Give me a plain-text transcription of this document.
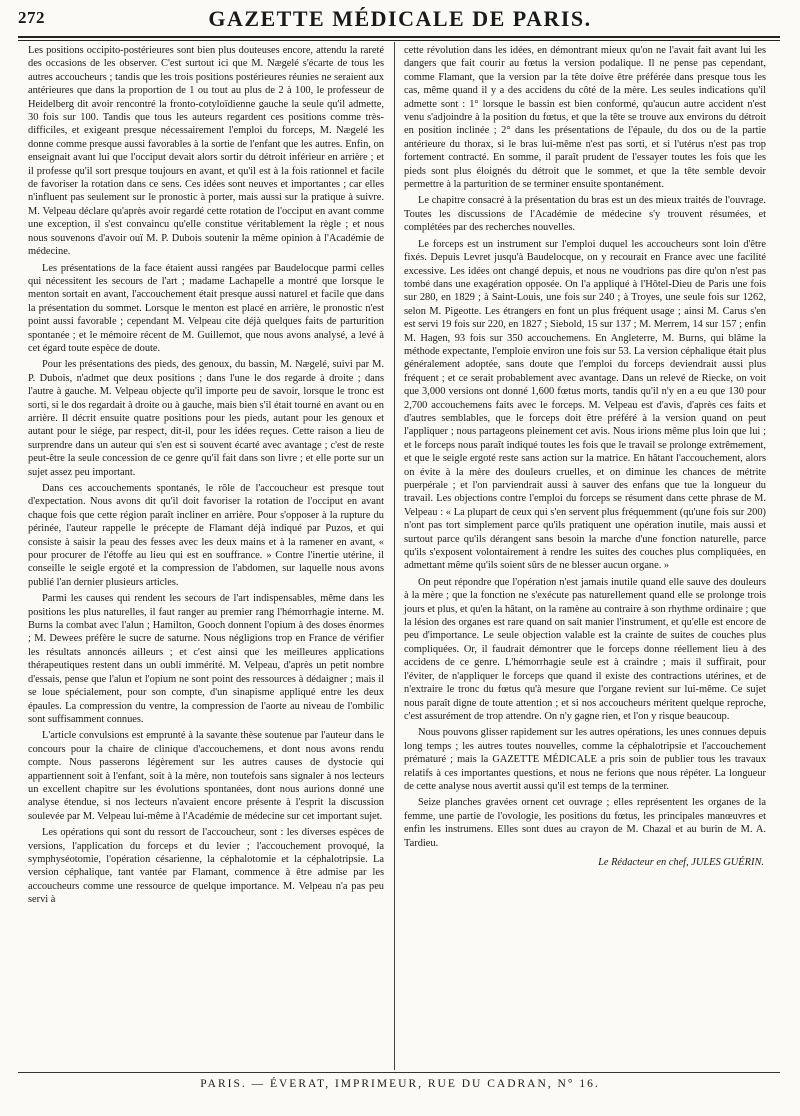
272	GAZETTE MÉDICALE DE PARIS.

Les positions occipito-postérieures sont bien plus douteuses encore, attendu la rareté des occasions de les observer. C'est surtout ici que M. Nægelé s'écarte de tous les autres accoucheurs ; tandis que les trois positions postérieures réunies ne seraient aux antérieures que dans la proportion de 1 ou tout au plus de 2 à 100, le professeur de Heidelberg dit avoir rencontré la fronto-cotyloïdienne gauche la seule qu'il admette, 30 fois sur 100. Tandis que tous les auteurs regardent ces positions comme très-difficiles, et exigeant presque nécessairement l'emploi du forceps, M. Nægelé les donne comme presque aussi favorables à la sortie de l'enfant que les autres. Enfin, on enseignait avant lui que l'occiput devait alors sortir du détroit inférieur en arrière ; et il professe qu'il sort presque toujours en avant, et qu'il est à la fois rationnel et facile de favoriser la rotation dans ce sens. Ces idées sont neuves et importantes ; car elles n'influent pas seulement sur le pronostic à porter, mais aussi sur la pratique à suivre. M. Velpeau déclare qu'après avoir regardé cette rotation de l'occiput en avant comme une exception, il s'est convaincu qu'elle constitue véritablement la règle ; et nous nous souvenons d'avoir ouï M. P. Dubois soutenir la même opinion à l'Académie de médecine.

Les présentations de la face étaient aussi rangées par Baudelocque parmi celles qui nécessitent les secours de l'art ; madame Lachapelle a montré que lorsque le menton sortait en avant, l'accouchement était presque aussi naturel et facile que dans la présentation du sommet. Lorsque le menton est placé en arrière, le pronostic n'est point aussi favorable ; cependant M. Velpeau cite déjà quelques faits de parturition spontanée ; et le mémoire récent de M. Guillemot, que nous avons analysé, a levé à cet égard toute espèce de doute.

Pour les présentations des pieds, des genoux, du bassin, M. Nægelé, suivi par M. P. Dubois, n'admet que deux positions ; dans l'une le dos regarde à droite ; dans l'autre à gauche. M. Velpeau objecte qu'il importe peu de savoir, lorsque le tronc est sorti, si le dos regardait à droite ou à gauche, mais bien s'il était tourné en avant ou en arrière. Il décrit ensuite quatre positions pour les pieds, autant pour les genoux et autant pour le siége, par respect, dit-il, pour les idées reçues. Cette raison a lieu de surprendre dans un auteur qui s'en est si souvent écarté avec avantage ; c'est de reste peut-être la seule concession de ce genre qu'il fait dans son livre ; et elle porte sur un sujet assez peu important.

Dans ces accouchements spontanés, le rôle de l'accoucheur est presque tout d'expectation. Nous avons dit qu'il doit favoriser la rotation de l'occiput en avant chaque fois que cette région paraît incliner en arrière. Pour s'opposer à la rupture du périnée, l'auteur rappelle le précepte de Flamant déjà indiqué par Puzos, et qui consiste à saisir la peau des fesses avec les deux mains et à la ramener en avant, « pour procurer de l'étoffe au lieu qui est en souffrance. » Contre l'inertie utérine, il conseille le seigle ergoté et la compression de l'abdomen, sur laquelle nous avons publié l'an dernier plusieurs articles.

Parmi les causes qui rendent les secours de l'art indispensables, même dans les positions les plus naturelles, il faut ranger au premier rang l'hémorrhagie interne. M. Burns la combat avec l'alun ; Hamilton, Gooch donnent l'opium à des doses énormes ; M. Dewees préfère le sucre de saturne. Nous négligions trop en France de vérifier les résultats annoncés ailleurs ; et c'est ainsi que les meilleures applications thérapeutiques restent dans un oubli immérité. M. Velpeau, d'après un petit nombre d'essais, pense que l'alun et l'opium ne sont point des ressources à dédaigner ; mais il se loue spécialement, pour son compte, d'un sinapisme appliqué entre les deux épaules. La compression du ventre, la compression de l'aorte au niveau de l'ombilic sont suffisamment connues.

L'article convulsions est emprunté à la savante thèse soutenue par l'auteur dans le concours pour la chaire de clinique d'accouchemens, et dont nous avons rendu compte. Nous passerons légèrement sur les autres causes de dystocie qui appartiennent soit à l'enfant, soit à la mère, non toutefois sans signaler à nos lecteurs un excellent chapitre sur les évolutions spontanées, dont nous aurions donné une analyse étendue, si nos lecteurs n'avaient encore présente à l'esprit la discussion soulevée par M. Velpeau lui-même à l'Académie de médecine sur cet important sujet.

Les opérations qui sont du ressort de l'accoucheur, sont : les diverses espèces de versions, l'application du forceps et du levier ; l'accouchement provoqué, la symphyséotomie, l'opération césarienne, la céphalotomie et la céphalotripsie. La version céphalique, tant vantée par Flamant, commence à être admise par les accoucheurs comme une ressource de quelque importance. M. Velpeau n'a pas peu servi à

cette révolution dans les idées, en démontrant mieux qu'on ne l'avait fait avant lui les dangers que fait courir au fœtus la version podalique. Il ne pense pas cependant, comme Flamant, que la version par la tête doive être préférée dans presque tous les cas, même quand il y a des accidens du côté de la mère. Les seules indications qu'il admette sont : 1° lorsque le bassin est bien conformé, qu'aucun autre accident n'est venu s'adjoindre à la position du fœtus, et que la tête se trouve aux environs du détroit en position inclinée ; 2° dans les présentations de l'épaule, du dos ou de la partie antérieure du thorax, si le bras lui-même n'est pas sorti, et si l'utérus n'est pas trop fortement contracté. En somme, il paraît prudent de l'essayer toutes les fois que les pieds sont plus éloignés du détroit que le sommet, et que la tête semble devoir permettre à la parturition de se terminer ensuite spontanément.

Le chapitre consacré à la présentation du bras est un des mieux traités de l'ouvrage. Toutes les discussions de l'Académie de médecine s'y trouvent résumées, et complétées par des recherches nouvelles.

Le forceps est un instrument sur l'emploi duquel les accoucheurs sont loin d'être fixés. Depuis Levret jusqu'à Baudelocque, on y recourait en France avec une facilité excessive. Les idées ont changé depuis, et nous ne voudrions pas dire qu'on n'est pas tombé dans une exagération opposée. On l'a appliqué à l'Hôtel-Dieu de Paris une fois sur 280, en 1829 ; à Saint-Louis, une fois sur 240 ; à Troyes, une seule fois sur 1262, selon M. Pigeotte. Les étrangers en font un plus fréquent usage ; ainsi M. Carus s'en est servi 19 fois sur 220, en 1827 ; Siebold, 15 sur 137 ; M. Merrem, 14 sur 157 ; enfin M. Hagen, 93 fois sur 350 accouchemens. En Angleterre, M. Burns, qui blâme la méthode expectante, l'emploie environ une fois sur 53. La version céphalique était plus généralement adoptée, sans doute que l'emploi du forceps deviendrait aussi plus fréquent ; et ce serait probablement avec avantage. Dans un relevé de Riecke, on voit que 3,000 versions ont donné 1,600 fœtus morts, tandis qu'il n'y en a eu que 130 pour 2,700 accouchemens faits avec le forceps. M. Velpeau est d'avis, d'après ces faits et d'autres semblables, que le forceps doit être préféré à la version quand on peut l'appliquer ; nous partageons pleinement cet avis. Nous irions même plus loin que lui ; et le forceps nous paraît indiqué toutes les fois que le travail se prolonge extrêmement, et que le seigle ergoté reste sans action sur la matrice. En hâtant l'accouchement, alors on évite à la mère des douleurs cruelles, et on diminue les chances de métrite puerpérale ; et l'on parviendrait aussi à sauver des enfans que tue la longueur du travail. Les objections contre l'emploi du forceps se résument dans cette phrase de M. Velpeau : « La plupart de ceux qui s'en servent plus fréquemment (qu'une fois sur 200) n'ont pas tort simplement parce qu'ils pratiquent une opération inutile, mais aussi et surtout parce qu'ils dérangent sans besoin la marche d'une fonction naturelle, parce qu'ils s'exposent volontairement à rendre les suites des couches plus compliquées, en admettant même qu'ils soient sûrs de ne blesser aucun organe. »

On peut répondre que l'opération n'est jamais inutile quand elle sauve des douleurs à la mère ; que la fonction ne s'exécute pas naturellement quand elle se prolonge trois jours et plus, et qu'en la hâtant, on la ramène au contraire à son rhythme ordinaire ; que la lésion des organes est rare quand on sait manier l'instrument, et qu'elle est encore de peu d'importance. Le seule objection valable est la crainte de suites de couches plus compliquées. Or, il faudrait démontrer que le forceps donne réellement lieu à des accidens de ce genre. L'hémorrhagie seule est à craindre ; mais il suffirait, pour l'éviter, de n'appliquer le forceps que quand il existe des contractions utérines, et de n'extraire le tronc du fœtus qu'à mesure que l'organe revient sur lui-même. Ce sujet nous paraît digne de toute attention ; et si nos accoucheurs méritent quelque reproche, c'est assurément de trop attendre. On n'y gagne rien, et l'on y risque beaucoup.

Nous pouvons glisser rapidement sur les autres opérations, les unes connues depuis long temps ; les autres toutes nouvelles, comme la céphalotripsie et l'accouchement prématuré ; mais la GAZETTE MÉDICALE a pris soin de publier tous les travaux relatifs à ces importantes questions, et nous ne ferions que nous répéter. La longueur de cette analyse nous avertit aussi qu'il est temps de la terminer.

Seize planches gravées ornent cet ouvrage ; elles représentent les organes de la femme, une partie de l'ovologie, les positions du fœtus, les principales manœuvres et enfin les instrumens. Elles sont dues au crayon de M. Chazal et au burin de M. A. Tardieu.

Le Rédacteur en chef, JULES GUÉRIN.
PARIS. — ÉVERAT, IMPRIMEUR, RUE DU CADRAN, N° 16.
